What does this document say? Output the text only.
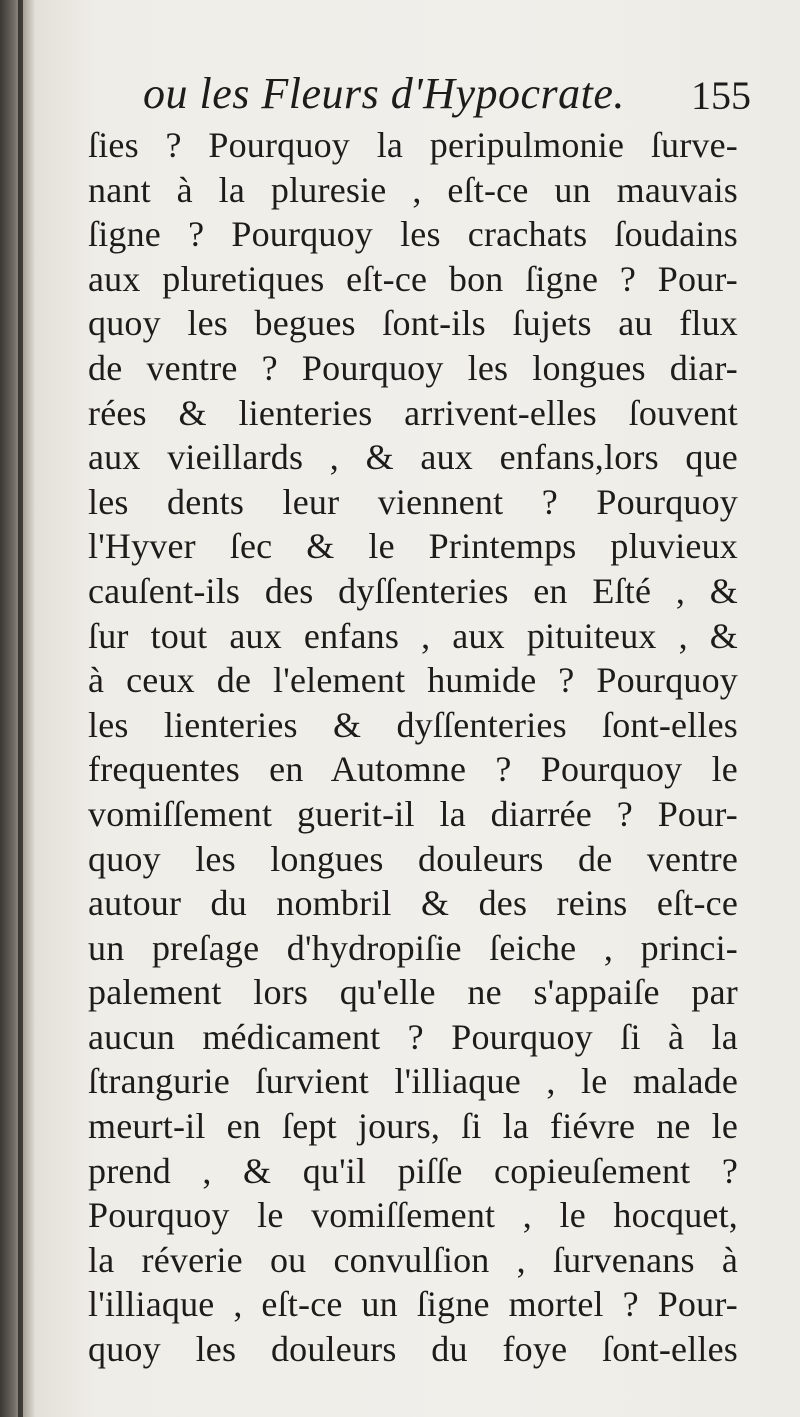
ou les Fleurs d'Hypocrate. 155
ſies ? Pourquoy la peripulmonie ſurve-
nant à la pluresie , eſt-ce un mauvais
ſigne ? Pourquoy les crachats ſoudains
aux pluretiques eſt-ce bon ſigne ? Pour-
quoy les begues ſont-ils ſujets au flux
de ventre ? Pourquoy les longues diar-
rées & lienteries arrivent-elles ſouvent
aux vieillards , & aux enfans,lors que
les dents leur viennent ? Pourquoy
l'Hyver ſec & le Printemps pluvieux
cauſent-ils des dyſſenteries en Eſté , &
ſur tout aux enfans , aux pituiteux , &
à ceux de l'element humide ? Pourquoy
les lienteries & dyſſenteries ſont-elles
frequentes en Automne ? Pourquoy le
vomiſſement guerit-il la diarrée ? Pour-
quoy les longues douleurs de ventre
autour du nombril & des reins eſt-ce
un preſage d'hydropiſie ſeiche , princi-
palement lors qu'elle ne s'appaiſe par
aucun médicament ? Pourquoy ſi à la
ſtrangurie ſurvient l'illiaque , le malade
meurt-il en ſept jours, ſi la fiévre ne le
prend , & qu'il piſſe copieuſement ?
Pourquoy le vomiſſement , le hocquet,
la réverie ou convulſion , ſurvenans à
l'illiaque , eſt-ce un ſigne mortel ? Pour-
quoy les douleurs du foye ſont-elles
